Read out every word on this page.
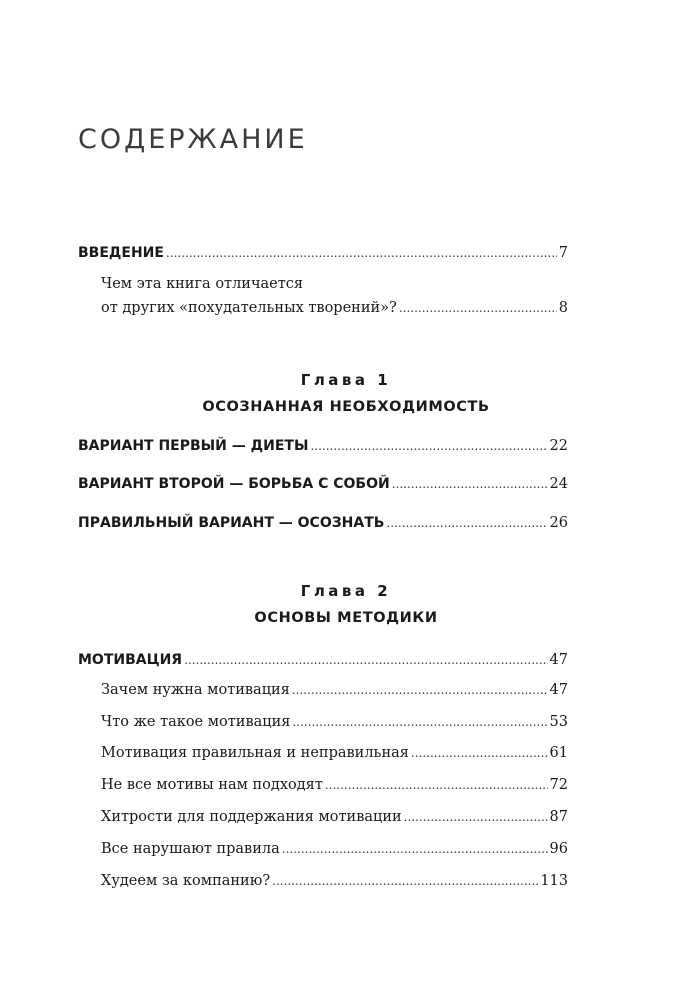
СОДЕРЖАНИЕ
ВВЕДЕНИЕ .....	7
Чем эта книга отличается
от других «похудательных творений»? .....	8
Глава 1
ОСОЗНАННАЯ НЕОБХОДИМОСТЬ
ВАРИАНТ ПЕРВЫЙ — ДИЕТЫ .....	22
ВАРИАНТ ВТОРОЙ — БОРЬБА С СОБОЙ .....	24
ПРАВИЛЬНЫЙ ВАРИАНТ — ОСОЗНАТЬ .....	26
Глава 2
ОСНОВЫ МЕТОДИКИ
МОТИВАЦИЯ .....	47
Зачем нужна мотивация .....	47
Что же такое мотивация .....	53
Мотивация правильная и неправильная .....	61
Не все мотивы нам подходят .....	72
Хитрости для поддержания мотивации .....	87
Все нарушают правила .....	96
Худеем за компанию? .....	113
